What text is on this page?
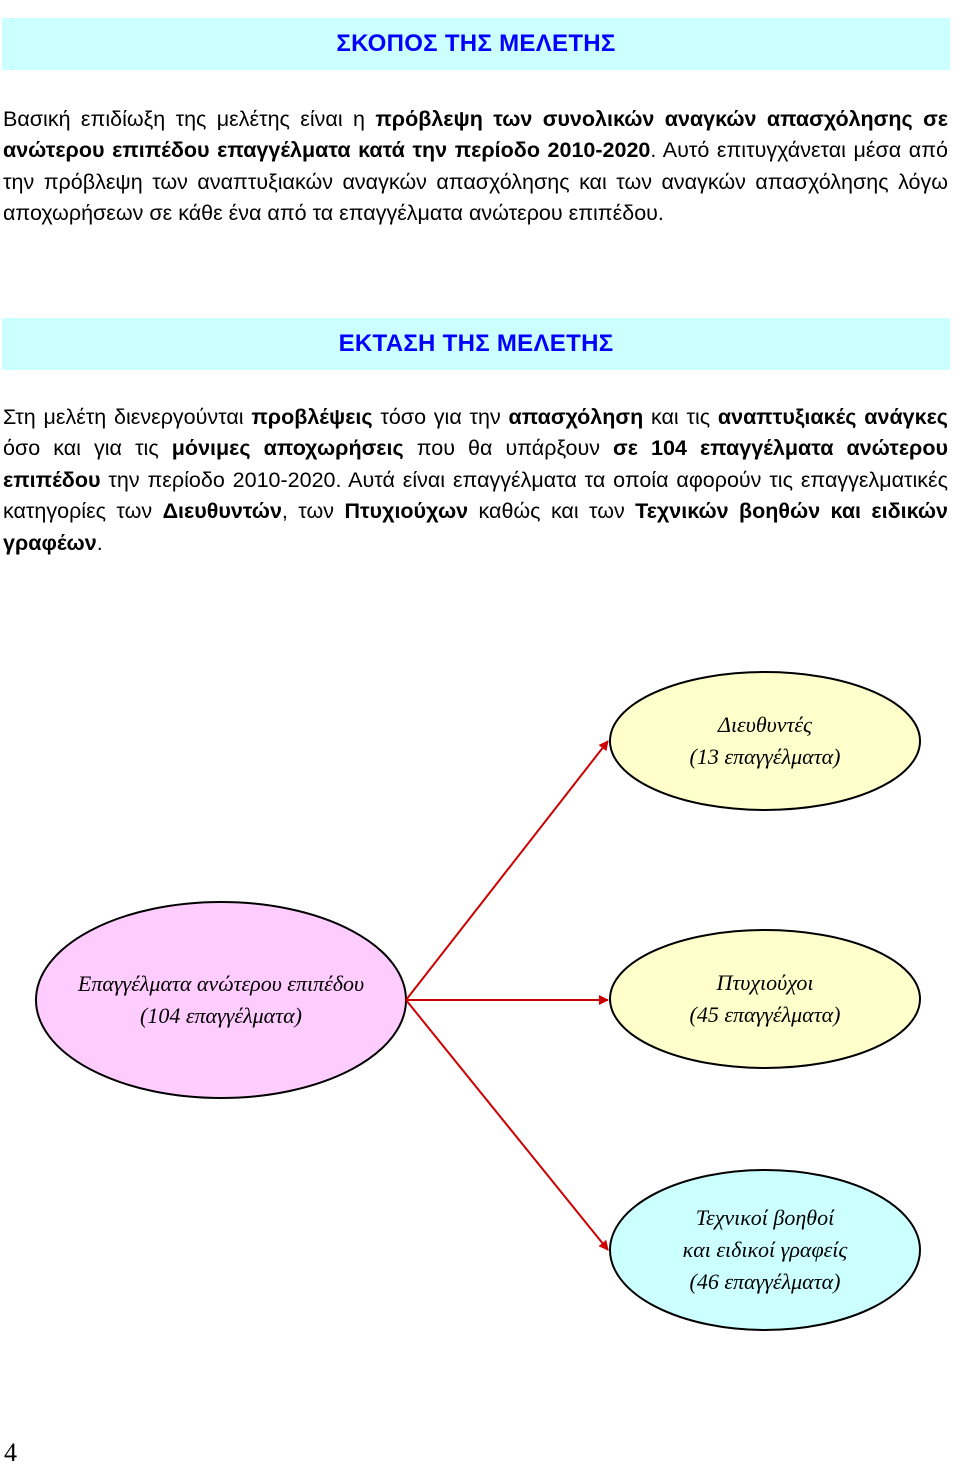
ΣΚΟΠΟΣ ΤΗΣ ΜΕΛΕΤΗΣ
Βασική επιδίωξη της μελέτης είναι η πρόβλεψη των συνολικών αναγκών απασχόλησης σε ανώτερου επιπέδου επαγγέλματα κατά την περίοδο 2010-2020. Αυτό επιτυγχάνεται μέσα από την πρόβλεψη των αναπτυξιακών αναγκών απασχόλησης και των αναγκών απασχόλησης λόγω αποχωρήσεων σε κάθε ένα από τα επαγγέλματα ανώτερου επιπέδου.
ΕΚΤΑΣΗ ΤΗΣ ΜΕΛΕΤΗΣ
Στη μελέτη διενεργούνται προβλέψεις τόσο για την απασχόληση και τις αναπτυξιακές ανάγκες όσο και για τις μόνιμες αποχωρήσεις που θα υπάρξουν σε 104 επαγγέλματα ανώτερου επιπέδου την περίοδο 2010-2020. Αυτά είναι επαγγέλματα τα οποία αφορούν τις επαγγελματικές κατηγορίες των Διευθυντών, των Πτυχιούχων καθώς και των Τεχνικών βοηθών και ειδικών γραφέων.
Διευθυντές
(13 επαγγέλματα)
Επαγγέλματα ανώτερου επιπέδου
(104 επαγγέλματα)
Πτυχιούχοι
(45 επαγγέλματα)
Τεχνικοί βοηθοί
και ειδικοί γραφείς
(46 επαγγέλματα)
4
